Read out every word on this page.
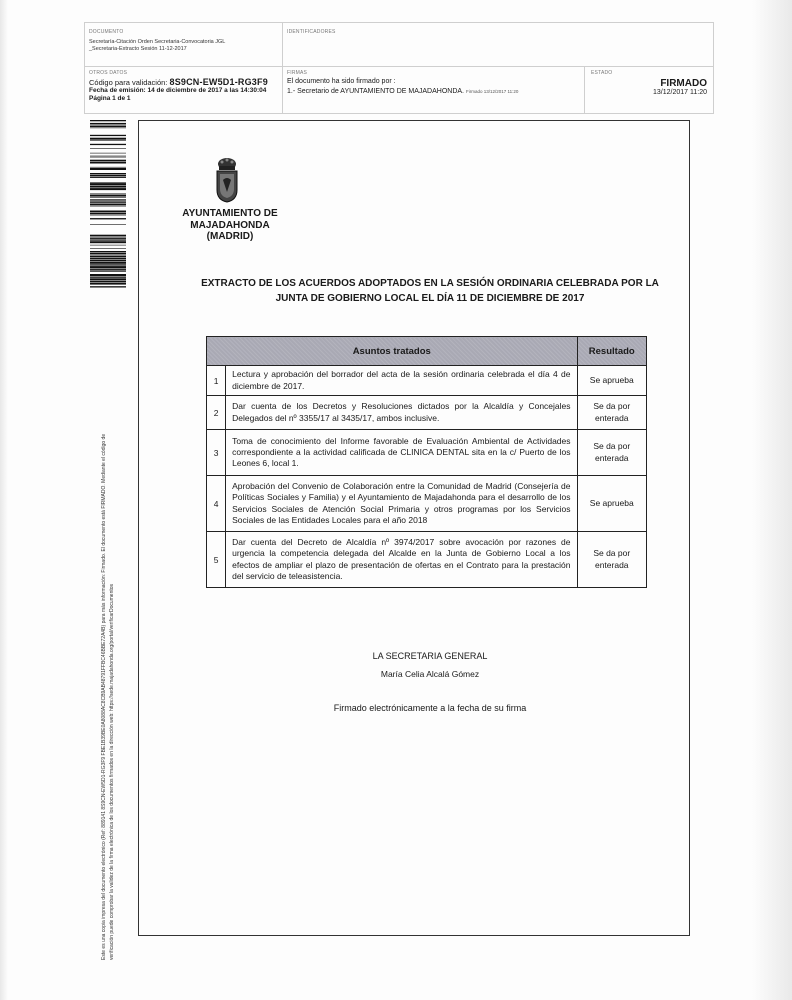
DOCUMENTO
Secretaría-Citación Orden Secretaria-Convocatoria JGL
_Secretaria-Extracto Sesión 11-12-2017
IDENTIFICADORES
OTROS DATOS
Código para validación: 8S9CN-EW5D1-RG3F9
Fecha de emisión: 14 de diciembre de 2017 a las 14:30:04
Página 1 de 1
FIRMAS
El documento ha sido firmado por :
1.- Secretario de AYUNTAMIENTO DE MAJADAHONDA. Firmado 13/12/2017 11:20
ESTADO
FIRMADO
13/12/2017 11:20
Este es una copia impresa del documento electrónico (Ref: 889141 8S9CN-EW5D1-RG3F9 FBE1B39BE0A8088AC8CB9AB48791FFBC46BBE72A4B) para más información: Firmado. El documento está FIRMADO. Mediante el código de verificación puede comprobar la validez de la firma electrónica de los documentos firmados en la dirección web: https://sede.majadahonda.org/portal/verificarDocumentos
AYUNTAMIENTO DE
MAJADAHONDA
(MADRID)
EXTRACTO DE LOS ACUERDOS ADOPTADOS EN LA SESIÓN ORDINARIA CELEBRADA POR LA
JUNTA DE GOBIERNO LOCAL EL DÍA 11 DE DICIEMBRE DE 2017
Asuntos tratados		Resultado
1	Lectura y aprobación del borrador del acta de la sesión ordinaria celebrada el día 4 de diciembre de 2017.	Se aprueba
2	Dar cuenta de los Decretos y Resoluciones dictados por la Alcaldía y Concejales Delegados del nº 3355/17 al 3435/17, ambos inclusive.	Se da por enterada
3	Toma de conocimiento del Informe favorable de Evaluación Ambiental de Actividades correspondiente a la actividad calificada de CLINICA DENTAL sita en la c/ Puerto de los Leones 6, local 1.	Se da por enterada
4	Aprobación del Convenio de Colaboración entre la Comunidad de Madrid (Consejería de Políticas Sociales y Familia) y el Ayuntamiento de Majadahonda para el desarrollo de los Servicios Sociales de Atención Social Primaria y otros programas por los Servicios Sociales de las Entidades Locales para el año 2018	Se aprueba
5	Dar cuenta del Decreto de Alcaldía nº 3974/2017 sobre avocación por razones de urgencia la competencia delegada del Alcalde en la Junta de Gobierno Local a los efectos de ampliar el plazo de presentación de ofertas en el Contrato para la prestación del servicio de teleasistencia.	Se da por enterada
LA SECRETARIA GENERAL
María Celia Alcalá Gómez
Firmado electrónicamente a la fecha de su firma
